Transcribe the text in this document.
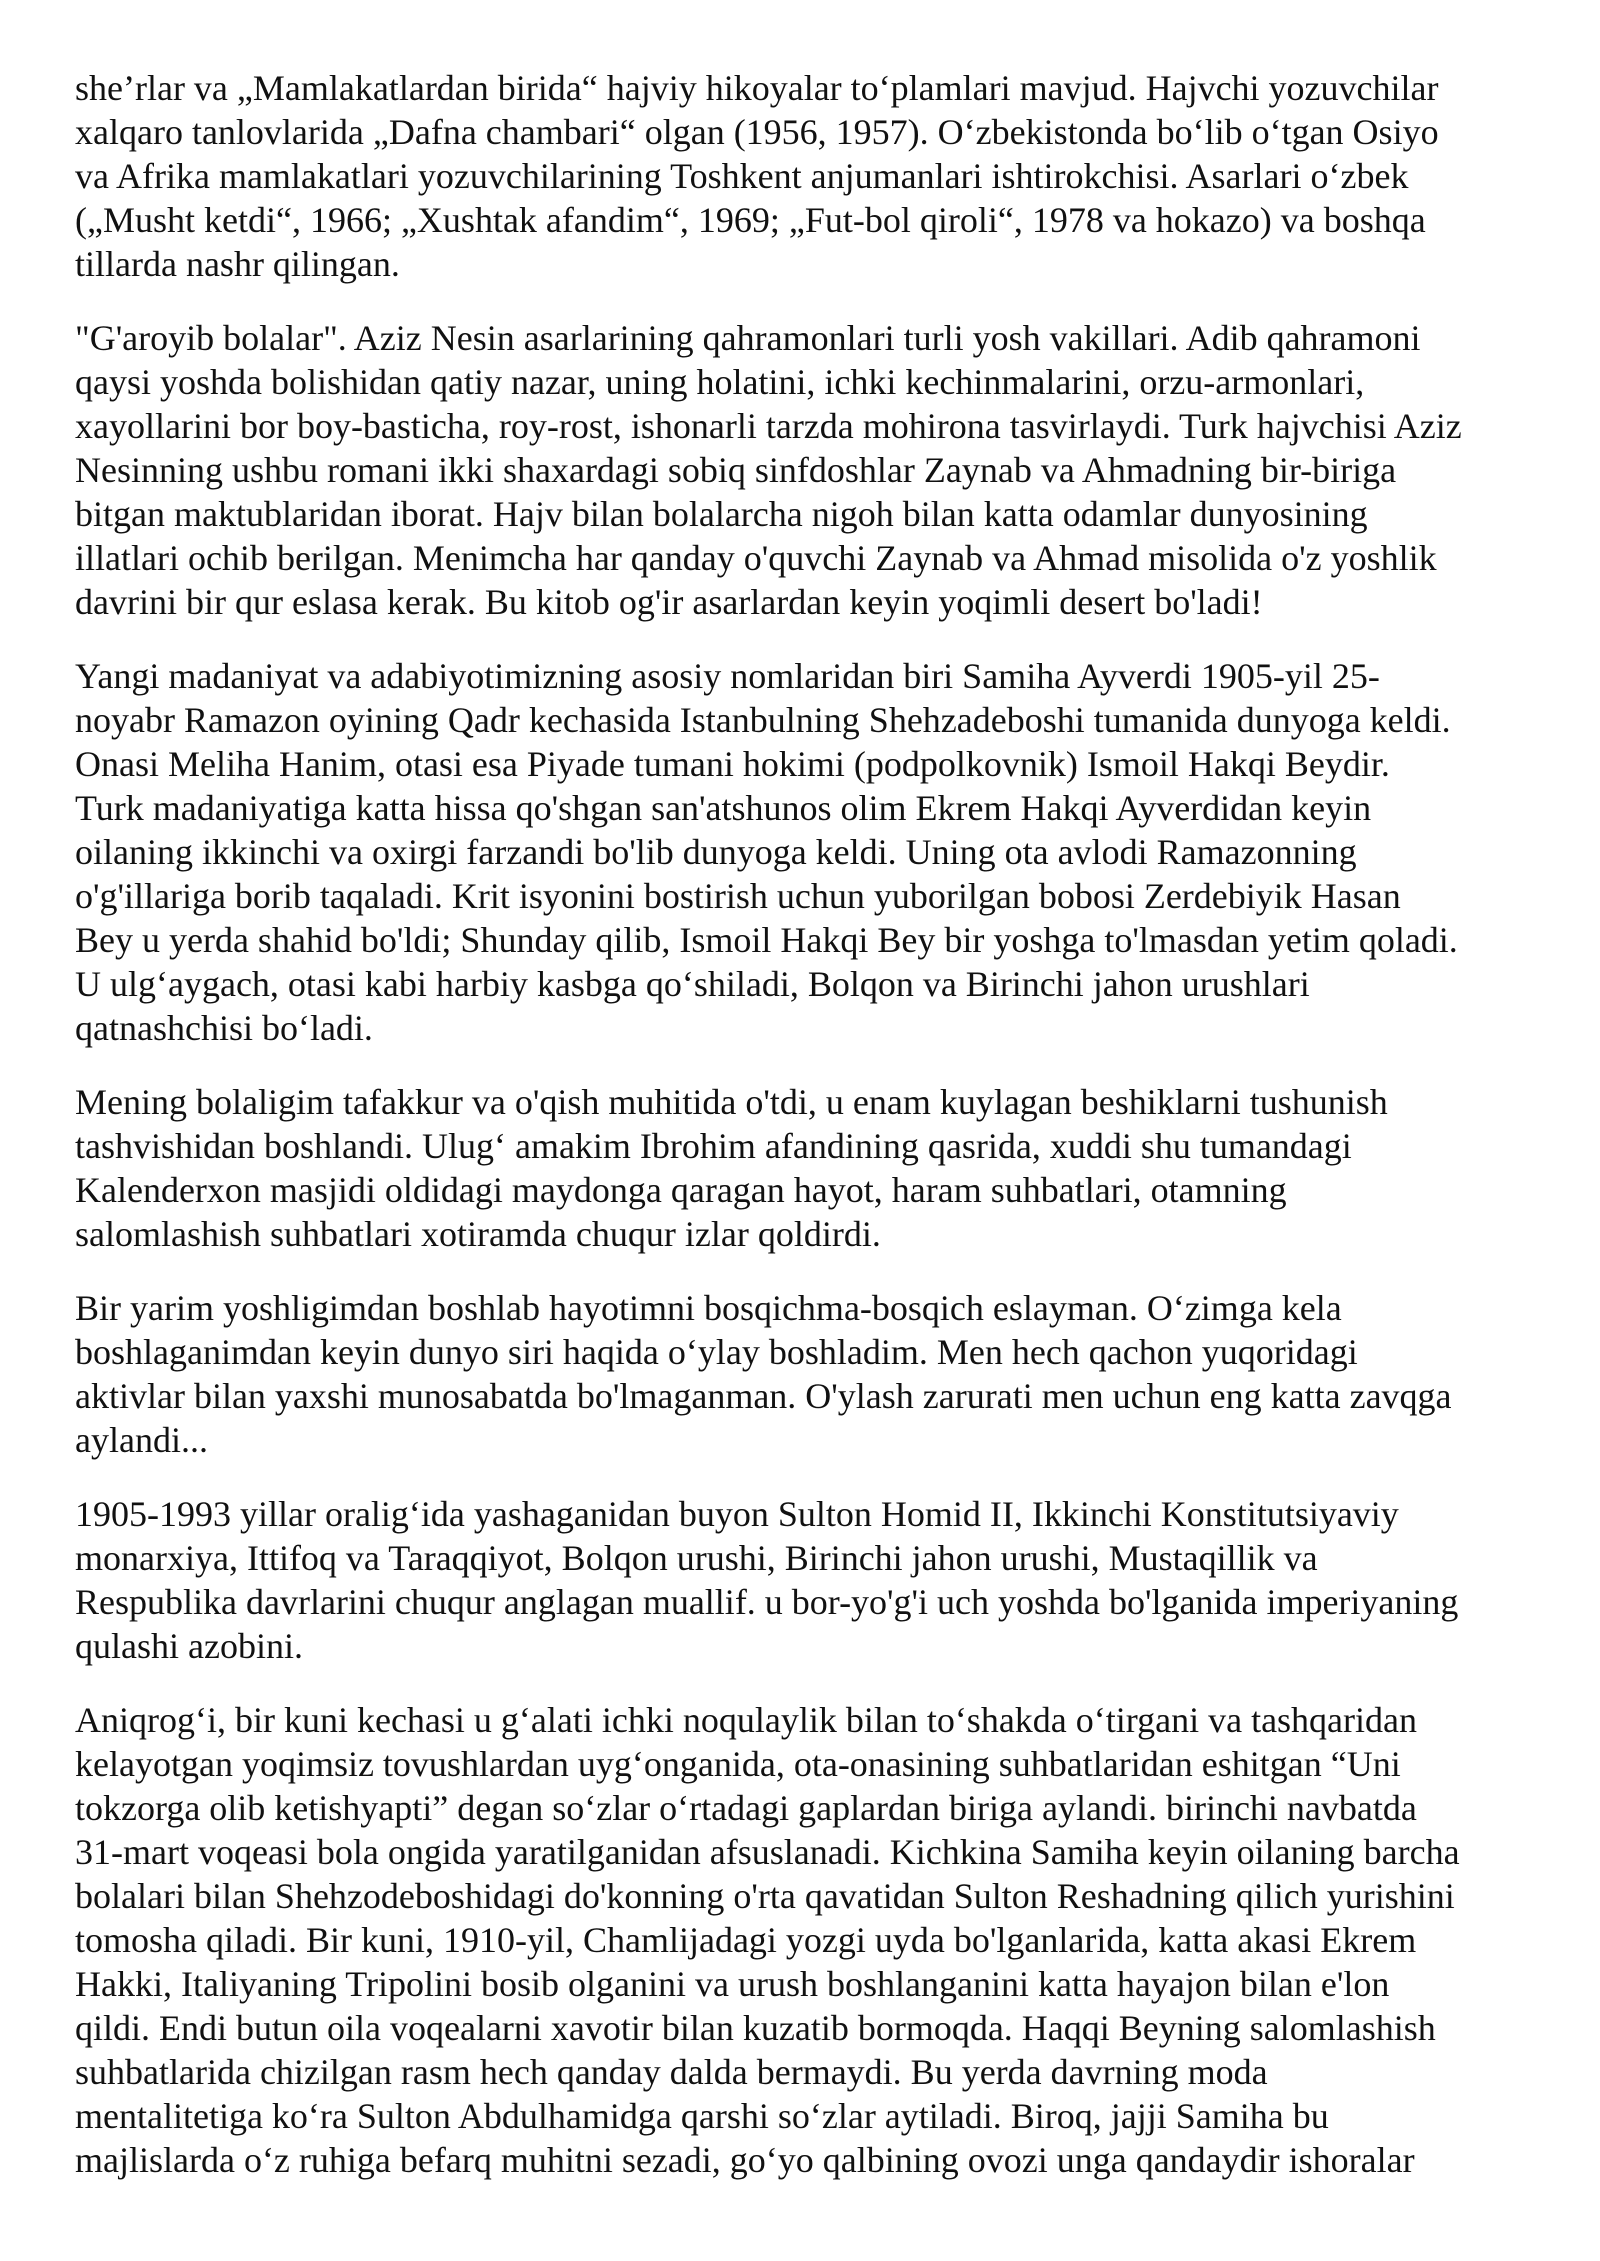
she’rlar va „Mamlakatlardan birida“ hajviy hikoyalar to‘plamlari mavjud. Hajvchi yozuvchilar
xalqaro tanlovlarida „Dafna chambari“ olgan (1956, 1957). O‘zbekistonda bo‘lib o‘tgan Osiyo
va Afrika mamlakatlari yozuvchilarining Toshkent anjumanlari ishtirokchisi. Asarlari o‘zbek
(„Musht ketdi“, 1966; „Xushtak afandim“, 1969; „Fut-bol qiroli“, 1978 va hokazo) va boshqa
tillarda nashr qilingan.
"G'aroyib bolalar". Aziz Nesin asarlarining qahramonlari turli yosh vakillari. Adib qahramoni
qaysi yoshda bolishidan qatiy nazar, uning holatini, ichki kechinmalarini, orzu-armonlari,
xayollarini bor boy-basticha, roy-rost, ishonarli tarzda mohirona tasvirlaydi. Turk hajvchisi Aziz
Nesinning ushbu romani ikki shaxardagi sobiq sinfdoshlar Zaynab va Ahmadning bir-biriga
bitgan maktublaridan iborat. Hajv bilan bolalarcha nigoh bilan katta odamlar dunyosining
illatlari ochib berilgan. Menimcha har qanday o'quvchi Zaynab va Ahmad misolida o'z yoshlik
davrini bir qur eslasa kerak. Bu kitob og'ir asarlardan keyin yoqimli desert bo'ladi!
Yangi madaniyat va adabiyotimizning asosiy nomlaridan biri Samiha Ayverdi 1905-yil 25-
noyabr Ramazon oyining Qadr kechasida Istanbulning Shehzadeboshi tumanida dunyoga keldi.
Onasi Meliha Hanim, otasi esa Piyade tumani hokimi (podpolkovnik) Ismoil Hakqi Beydir.
Turk madaniyatiga katta hissa qo'shgan san'atshunos olim Ekrem Hakqi Ayverdidan keyin
oilaning ikkinchi va oxirgi farzandi bo'lib dunyoga keldi. Uning ota avlodi Ramazonning
o'g'illariga borib taqaladi. Krit isyonini bostirish uchun yuborilgan bobosi Zerdebiyik Hasan
Bey u yerda shahid bo'ldi; Shunday qilib, Ismoil Hakqi Bey bir yoshga to'lmasdan yetim qoladi.
U ulg‘aygach, otasi kabi harbiy kasbga qo‘shiladi, Bolqon va Birinchi jahon urushlari
qatnashchisi bo‘ladi.
Mening bolaligim tafakkur va o'qish muhitida o'tdi, u enam kuylagan beshiklarni tushunish
tashvishidan boshlandi. Ulug‘ amakim Ibrohim afandining qasrida, xuddi shu tumandagi
Kalenderxon masjidi oldidagi maydonga qaragan hayot, haram suhbatlari, otamning
salomlashish suhbatlari xotiramda chuqur izlar qoldirdi.
Bir yarim yoshligimdan boshlab hayotimni bosqichma-bosqich eslayman. O‘zimga kela
boshlaganimdan keyin dunyo siri haqida o‘ylay boshladim. Men hech qachon yuqoridagi
aktivlar bilan yaxshi munosabatda bo'lmaganman. O'ylash zarurati men uchun eng katta zavqga
aylandi...
1905-1993 yillar oralig‘ida yashaganidan buyon Sulton Homid II, Ikkinchi Konstitutsiyaviy
monarxiya, Ittifoq va Taraqqiyot, Bolqon urushi, Birinchi jahon urushi, Mustaqillik va
Respublika davrlarini chuqur anglagan muallif. u bor-yo'g'i uch yoshda bo'lganida imperiyaning
qulashi azobini.
Aniqrog‘i, bir kuni kechasi u g‘alati ichki noqulaylik bilan to‘shakda o‘tirgani va tashqaridan
kelayotgan yoqimsiz tovushlardan uyg‘onganida, ota-onasining suhbatlaridan eshitgan “Uni
tokzorga olib ketishyapti” degan so‘zlar o‘rtadagi gaplardan biriga aylandi. birinchi navbatda
31-mart voqeasi bola ongida yaratilganidan afsuslanadi. Kichkina Samiha keyin oilaning barcha
bolalari bilan Shehzodeboshidagi do'konning o'rta qavatidan Sulton Reshadning qilich yurishini
tomosha qiladi. Bir kuni, 1910-yil, Chamlijadagi yozgi uyda bo'lganlarida, katta akasi Ekrem
Hakki, Italiyaning Tripolini bosib olganini va urush boshlanganini katta hayajon bilan e'lon
qildi. Endi butun oila voqealarni xavotir bilan kuzatib bormoqda. Haqqi Beyning salomlashish
suhbatlarida chizilgan rasm hech qanday dalda bermaydi. Bu yerda davrning moda
mentalitetiga ko‘ra Sulton Abdulhamidga qarshi so‘zlar aytiladi. Biroq, jajji Samiha bu
majlislarda o‘z ruhiga befarq muhitni sezadi, go‘yo qalbining ovozi unga qandaydir ishoralar
